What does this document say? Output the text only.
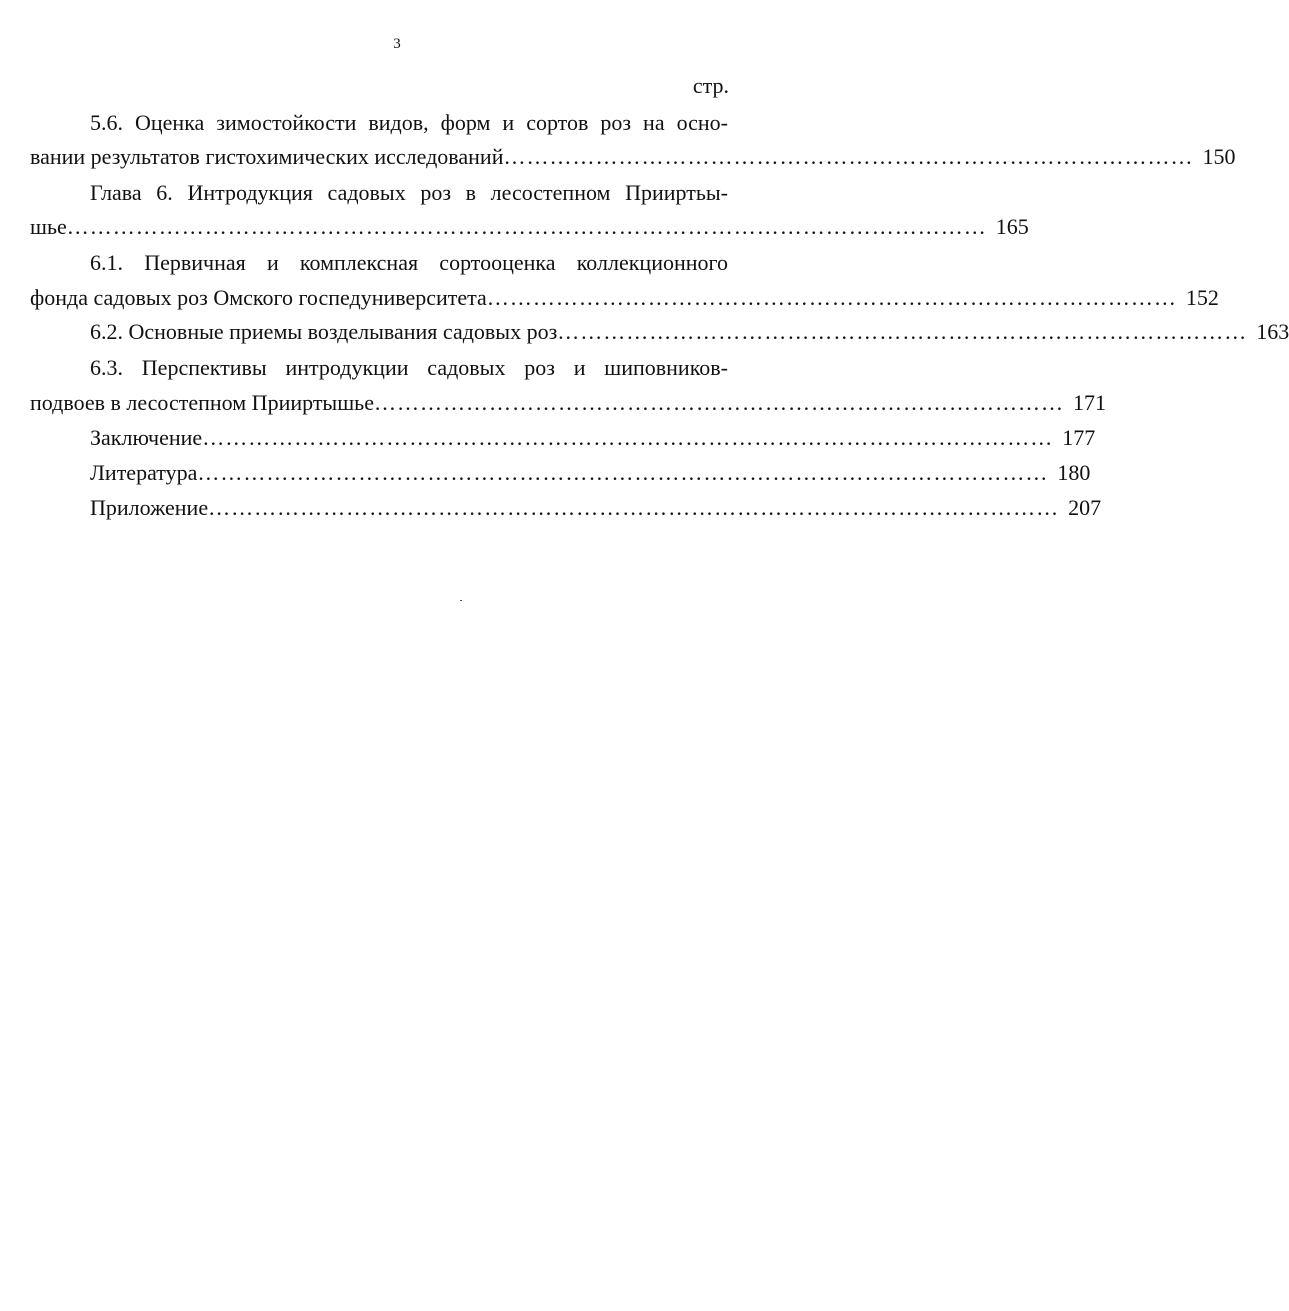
3
стр.
5.6. Оценка зимостойкости видов, форм и сортов роз на осно-
вании результатов гистохимических исследований ……………………………………………………………………………… 150
Глава 6. Интродукция садовых роз в лесостепном Прииртьы-
шье ………………………………………………………………………………………………………… 165
6.1. Первичная и комплексная сортооценка коллекционного
фонда садовых роз Омского госпедуниверситета ……………………………………………………………………………… 152
6.2. Основные приемы возделывания садовых роз ……………………………………………………………………………… 163
6.3. Перспективы интродукции садовых роз и шиповников-
подвоев в лесостепном Прииртышье ……………………………………………………………………………… 171
Заключение ………………………………………………………………………………………………… 177
Литература ………………………………………………………………………………………………… 180
Приложение ………………………………………………………………………………………………… 207
